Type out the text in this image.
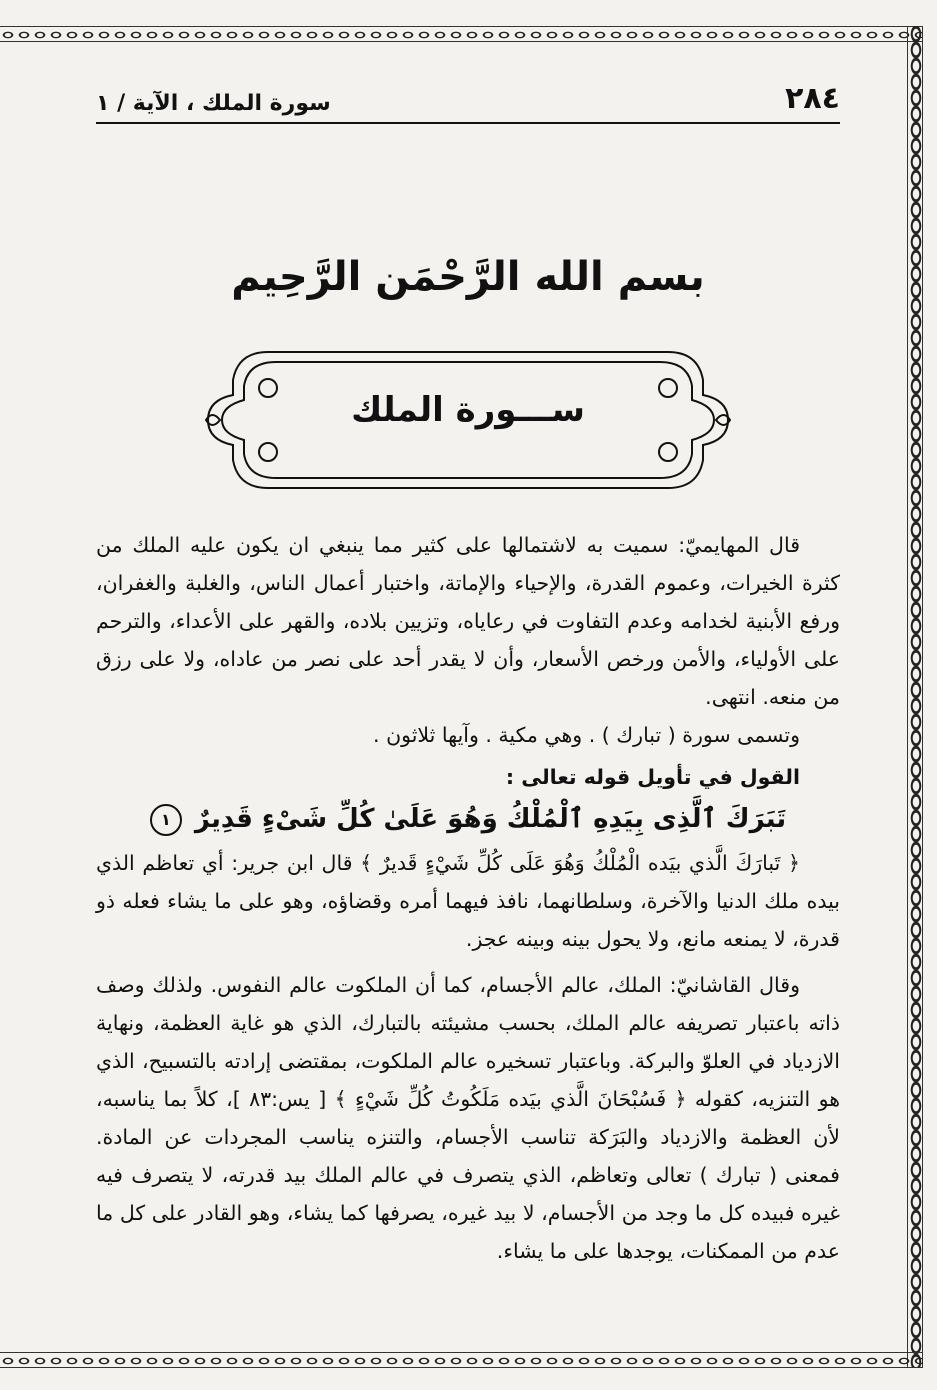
٢٨٤
سورة الملك ، الآية / ١
بسم الله الرَّحْمَن الرَّحِيم
ســـورة الملك

قال المهايميّ: سميت به لاشتمالها على كثير مما ينبغي ان يكون عليه الملك من كثرة الخيرات، وعموم القدرة، والإحياء والإماتة، واختبار أعمال الناس، والغلبة والغفران، ورفع الأبنية لخدامه وعدم التفاوت في رعاياه، وتزيين بلاده، والقهر على الأعداء، والترحم على الأولياء، والأمن ورخص الأسعار، وأن لا يقدر أحد على نصر من عاداه، ولا على رزق من منعه. انتهى.

وتسمى سورة ( تبارك ) . وهي مكية . وآيها ثلاثون .

القول في تأويل قوله تعالى :

تَبَرَكَ ٱلَّذِى بِيَدِهِ ٱلْمُلْكُ وَهُوَ عَلَىٰ كُلِّ شَىْءٍ قَدِيرٌ ١

﴿ تَبارَكَ الَّذي بيَده الْمُلْكُ وَهُوَ عَلَى كُلِّ شَيْءٍ قَديرٌ ﴾ قال ابن جرير: أي تعاظم الذي بيده ملك الدنيا والآخرة، وسلطانهما، نافذ فيهما أمره وقضاؤه، وهو على ما يشاء فعله ذو قدرة، لا يمنعه مانع، ولا يحول بينه وبينه عجز.

وقال القاشانيّ: الملك، عالم الأجسام، كما أن الملكوت عالم النفوس. ولذلك وصف ذاته باعتبار تصريفه عالم الملك، بحسب مشيئته بالتبارك، الذي هو غاية العظمة، ونهاية الازدياد في العلوّ والبركة. وباعتبار تسخيره عالم الملكوت، بمقتضى إرادته بالتسبيح، الذي هو التنزيه، كقوله ﴿ فَسُبْحَانَ الَّذي بيَده مَلَكُوتُ كُلِّ شَيْءٍ ﴾ [ يس:٨٣ ]، كلاً بما يناسبه، لأن العظمة والازدياد والبَرَكة تناسب الأجسام، والتنزه يناسب المجردات عن المادة. فمعنى ( تبارك ) تعالى وتعاظم، الذي يتصرف في عالم الملك بيد قدرته، لا يتصرف فيه غيره فبيده كل ما وجد من الأجسام، لا بيد غيره، يصرفها كما يشاء، وهو القادر على كل ما عدم من الممكنات، يوجدها على ما يشاء.
